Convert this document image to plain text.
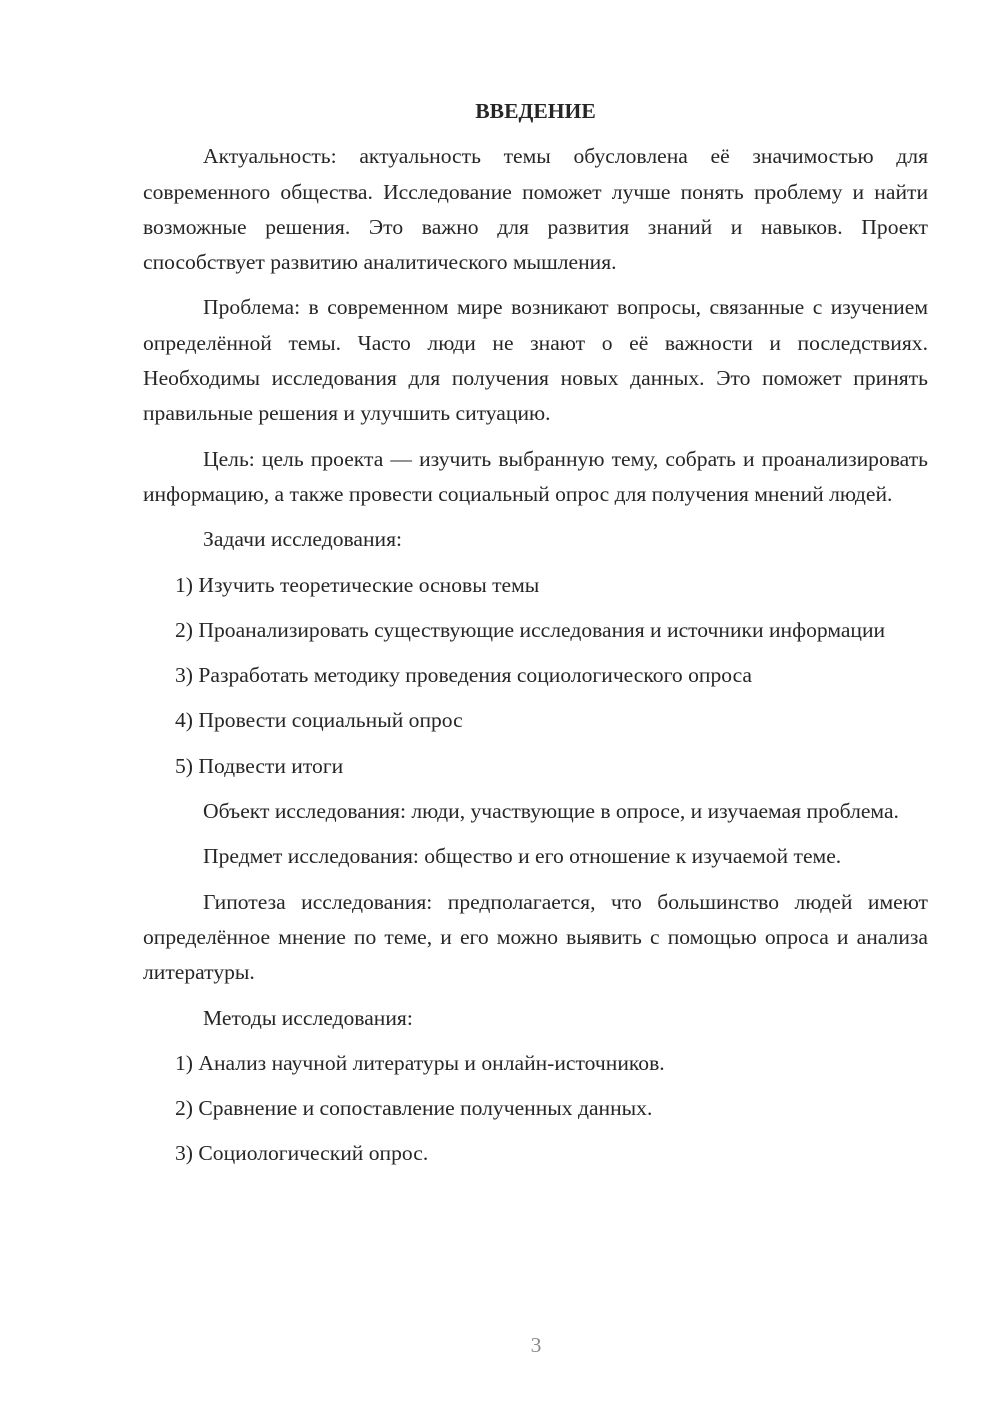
ВВЕДЕНИЕ

Актуальность: актуальность темы обусловлена её значимостью для современного общества. Исследование поможет лучше понять проблему и найти возможные решения. Это важно для развития знаний и навыков. Проект способствует развитию аналитического мышления.

Проблема: в современном мире возникают вопросы, связанные с изучением определённой темы. Часто люди не знают о её важности и последствиях. Необходимы исследования для получения новых данных. Это поможет принять правильные решения и улучшить ситуацию.

Цель: цель проекта — изучить выбранную тему, собрать и проанализировать информацию, а также провести социальный опрос для получения мнений людей.

Задачи исследования:

1) Изучить теоретические основы темы

2) Проанализировать существующие исследования и источники информации

3) Разработать методику проведения социологического опроса

4) Провести социальный опрос

5) Подвести итоги

Объект исследования: люди, участвующие в опросе, и изучаемая проблема.

Предмет исследования: общество и его отношение к изучаемой теме.

Гипотеза исследования: предполагается, что большинство людей имеют определённое мнение по теме, и его можно выявить с помощью опроса и анализа литературы.

Методы исследования:

1) Анализ научной литературы и онлайн-источников.

2) Сравнение и сопоставление полученных данных.

3) Социологический опрос.

3
